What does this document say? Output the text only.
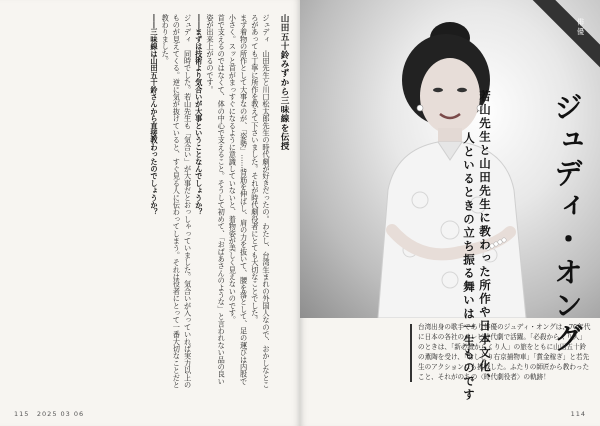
山田五十鈴みずから三味線を伝授

ジュディ　山田先生と川口松太郎先生の時代劇が好きだったの。わたし、台湾生まれの外国人なので、おかしなところがあっても丁寧に所作を教えて下さいました。それが時代劇役者にとても大切なことでした。

まず着物の所作として大事なのが、「姿勢」……背筋を伸ばし、肩の力を抜いて、腰を落として、足の運びは内股で小さく。スッと首がまっすぐになるように意識していないと、着物姿が美しく見えないのです。

首で支えるのではなくて、体の中心で支えること。そうして初めて、「おばあさんのような」と言われない品の良い姿が出来上がるのです。

――まずは技術より気合いが大事ということなんでしょうか？

ジュディ　同時でした。若山先生も「気合い」が大事だとおっしゃっていました。気合いが入っていれば実力以上のものが見えてくる。逆に気が抜けていると、すぐ見る人に伝わってしまう。それは役者にとって一番大切なことだと教わりました。

――三味線は山田五十鈴さんから直接教わったのでしょうか？

115　2025 03 06
俳優
ジュディ・オング
若山先生と山田先生に教わった所作や日本文化、
人といるときの立ち振る舞いは一生ものです
台湾出身の歌手であり俳優のジュディ・オングは、70年代に日本の各社のテレビ時代劇で活躍。「必殺からくり人」のときは、「新必殺からくり人」の旅をともに山田五十鈴の薫陶を受け、「おしどり右京捕物車」「賞金稼ぎ」と若先生のアクションにも挑戦した。ふたりの師匠から教わったこと、それがのちの〈時代劇役者〉の軌跡！
114
